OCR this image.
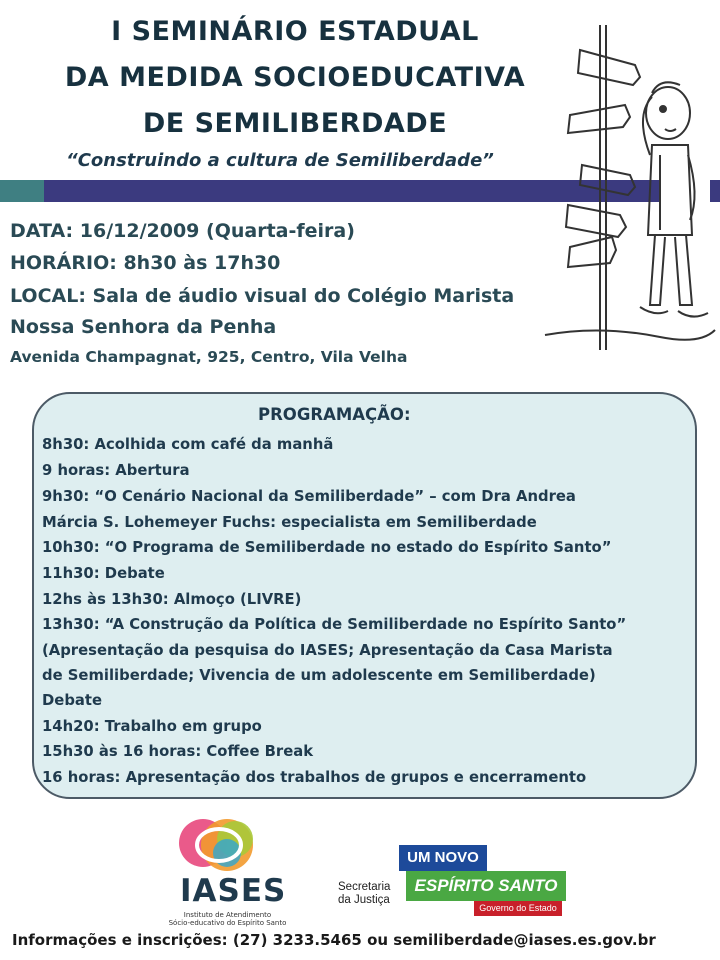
I SEMINÁRIO ESTADUAL
DA MEDIDA SOCIOEDUCATIVA
DE SEMILIBERDADE
“Construindo a cultura de Semiliberdade”
DATA: 16/12/2009 (Quarta-feira)
HORÁRIO: 8h30 às 17h30
LOCAL: Sala de áudio visual do Colégio Marista
Nossa Senhora da Penha
Avenida Champagnat, 925, Centro, Vila Velha
PROGRAMAÇÃO:
8h30: Acolhida com café da manhã
9 horas: Abertura
9h30: “O Cenário Nacional da Semiliberdade” – com Dra Andrea
Márcia S. Lohemeyer Fuchs: especialista em Semiliberdade
10h30: “O Programa de Semiliberdade no estado do Espírito Santo”
11h30: Debate
12hs às 13h30: Almoço (LIVRE)
13h30: “A Construção da Política de Semiliberdade no Espírito Santo”
(Apresentação da pesquisa do IASES; Apresentação da Casa Marista
de Semiliberdade; Vivencia de um adolescente em Semiliberdade)
Debate
14h20: Trabalho em grupo
15h30 às 16 horas: Coffee Break
16 horas: Apresentação dos trabalhos de grupos e encerramento
IASES
Instituto de Atendimento
Sócio-educativo do Espírito Santo
Secretaria
da Justiça
UM NOVO
ESPÍRITO SANTO
Governo do Estado
Informações e inscrições: (27) 3233.5465 ou semiliberdade@iases.es.gov.br
